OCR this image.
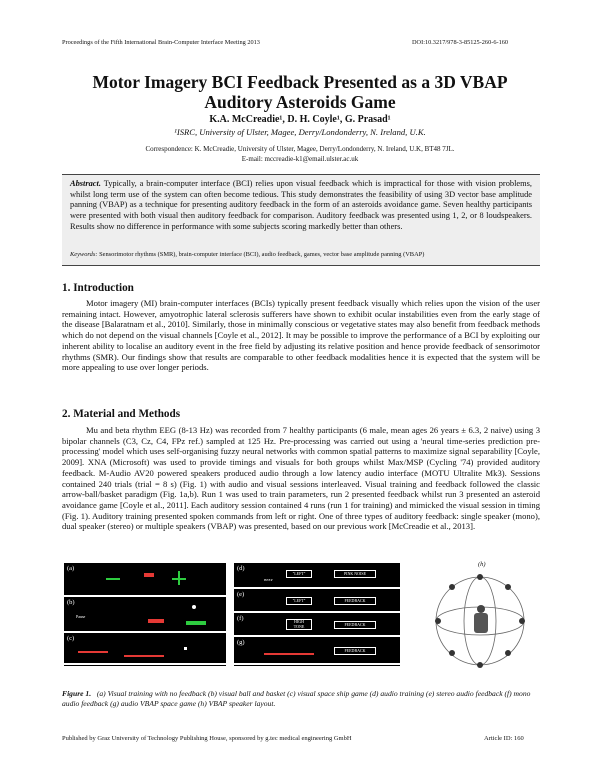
Proceedings of the Fifth International Brain-Computer Interface Meeting 2013	DOI:10.3217/978-3-85125-260-6-160
Motor Imagery BCI Feedback Presented as a 3D VBAP
Auditory Asteroids Game
K.A. McCreadie¹, D. H. Coyle¹, G. Prasad¹
¹ISRC, University of Ulster, Magee, Derry/Londonderry, N. Ireland, U.K.
Correspondence: K. McCreadie, University of Ulster, Magee, Derry/Londonderry, N. Ireland, U.K, BT48 7JL.
E-mail: mccreadie-k1@email.ulster.ac.uk
Abstract. Typically, a brain-computer interface (BCI) relies upon visual feedback which is impractical for those with vision problems, whilst long term use of the system can often become tedious. This study demonstrates the feasibility of using 3D vector base amplitude panning (VBAP) as a technique for presenting auditory feedback in the form of an asteroids avoidance game. Seven healthy participants were presented with both visual then auditory feedback for comparison. Auditory feedback was presented using 1, 2, or 8 loudspeakers. Results show no difference in performance with some subjects scoring markedly better than others.
Keywords: Sensorimotor rhythms (SMR), brain-computer interface (BCI), audio feedback, games, vector base amplitude panning (VBAP)
1. Introduction
Motor imagery (MI) brain-computer interfaces (BCIs) typically present feedback visually which relies upon the vision of the user remaining intact. However, amyotrophic lateral sclerosis sufferers have shown to exhibit ocular instabilities even from the early stage of the disease [Balaratnam et al., 2010]. Similarly, those in minimally conscious or vegetative states may also benefit from feedback methods which do not depend on the visual channels [Coyle et al., 2012]. It may be possible to improve the performance of a BCI by exploiting our inherent ability to localise an auditory event in the free field by adjusting its relative position and hence provide feedback of sensorimotor rhythms (SMR). Our findings show that results are comparable to other feedback modalities hence it is expected that the system will be more appealing to use over longer periods.
2. Material and Methods
Mu and beta rhythm EEG (8-13 Hz) was recorded from 7 healthy participants (6 male, mean ages 26 years ± 6.3, 2 naive) using 3 bipolar channels (C3, Cz, C4, FPz ref.) sampled at 125 Hz. Pre-processing was carried out using a 'neural time-series prediction pre-processing' model which uses self-organising fuzzy neural networks with common spatial patterns to maximize signal separability [Coyle, 2009]. XNA (Microsoft) was used to provide timings and visuals for both groups whilst Max/MSP (Cycling '74) provided auditory feedback. M-Audio AV20 powered speakers produced audio through a low latency audio interface (MOTU Ultralite Mk3). Sessions contained 240 trials (trial = 8 s) (Fig. 1) with audio and visual sessions interleaved. Visual training and feedback followed the classic arrow-ball/basket paradigm (Fig. 1a,b). Run 1 was used to train parameters, run 2 presented feedback whilst run 3 presented an asteroid avoidance game [Coyle et al., 2011]. Each auditory session contained 4 runs (run 1 for training) and mimicked the visual session in timing (Fig. 1). Auditory training presented spoken commands from left or right. One of three types of auditory feedback: single speaker (mono), dual speaker (stereo) or multiple speakers (VBAP) was presented, based on our previous work [McCreadie et al., 2013].
(a)
(b)
Pause
(c)
(d)
"LEFT"	PINK NOISE
BEEP
(e)
"LEFT"	FEEDBACK
(f)	HIGH
TONE	FEEDBACK
(g)
FEEDBACK
(h)
Figure 1. (a) Visual training with no feedback (b) visual ball and basket (c) visual space ship game (d) audio training (e) stereo audio feedback (f) mono audio feedback (g) audio VBAP space game (h) VBAP speaker layout.
Published by Graz University of Technology Publishing House, sponsored by g.tec medical engineering GmbH	Article ID: 160
